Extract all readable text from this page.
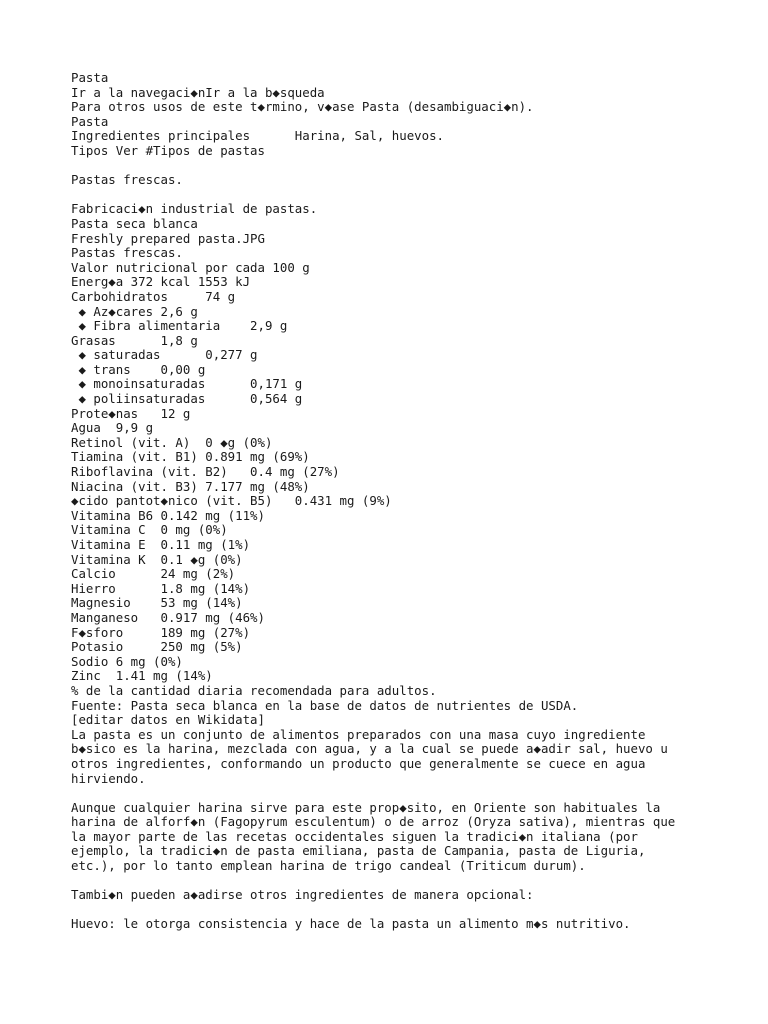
Pasta
Ir a la navegaci◆nIr a la b◆squeda
Para otros usos de este t◆rmino, v◆ase Pasta (desambiguaci◆n).
Pasta
Ingredientes principales      Harina, Sal, huevos.
Tipos Ver #Tipos de pastas
Pastas frescas.
Fabricaci◆n industrial de pastas.
Pasta seca blanca
Freshly prepared pasta.JPG
Pastas frescas.
Valor nutricional por cada 100 g
Energ◆a 372 kcal 1553 kJ
Carbohidratos     74 g
◆ Az◆cares 2,6 g
◆ Fibra alimentaria    2,9 g
Grasas      1,8 g
◆ saturadas      0,277 g
◆ trans    0,00 g
◆ monoinsaturadas      0,171 g
◆ poliinsaturadas      0,564 g
Prote◆nas   12 g
Agua  9,9 g
Retinol (vit. A)  0 ◆g (0%)
Tiamina (vit. B1) 0.891 mg (69%)
Riboflavina (vit. B2)   0.4 mg (27%)
Niacina (vit. B3) 7.177 mg (48%)
◆cido pantot◆nico (vit. B5)   0.431 mg (9%)
Vitamina B6 0.142 mg (11%)
Vitamina C  0 mg (0%)
Vitamina E  0.11 mg (1%)
Vitamina K  0.1 ◆g (0%)
Calcio      24 mg (2%)
Hierro      1.8 mg (14%)
Magnesio    53 mg (14%)
Manganeso   0.917 mg (46%)
F◆sforo     189 mg (27%)
Potasio     250 mg (5%)
Sodio 6 mg (0%)
Zinc  1.41 mg (14%)
% de la cantidad diaria recomendada para adultos.
Fuente: Pasta seca blanca en la base de datos de nutrientes de USDA.
[editar datos en Wikidata]
La pasta es un conjunto de alimentos preparados con una masa cuyo ingrediente
b◆sico es la harina, mezclada con agua, y a la cual se puede a◆adir sal, huevo u
otros ingredientes, conformando un producto que generalmente se cuece en agua
hirviendo.
Aunque cualquier harina sirve para este prop◆sito, en Oriente son habituales la
harina de alforf◆n (Fagopyrum esculentum) o de arroz (Oryza sativa), mientras que
la mayor parte de las recetas occidentales siguen la tradici◆n italiana (por
ejemplo, la tradici◆n de pasta emiliana, pasta de Campania, pasta de Liguria,
etc.), por lo tanto emplean harina de trigo candeal (Triticum durum).
Tambi◆n pueden a◆adirse otros ingredientes de manera opcional:
Huevo: le otorga consistencia y hace de la pasta un alimento m◆s nutritivo.
